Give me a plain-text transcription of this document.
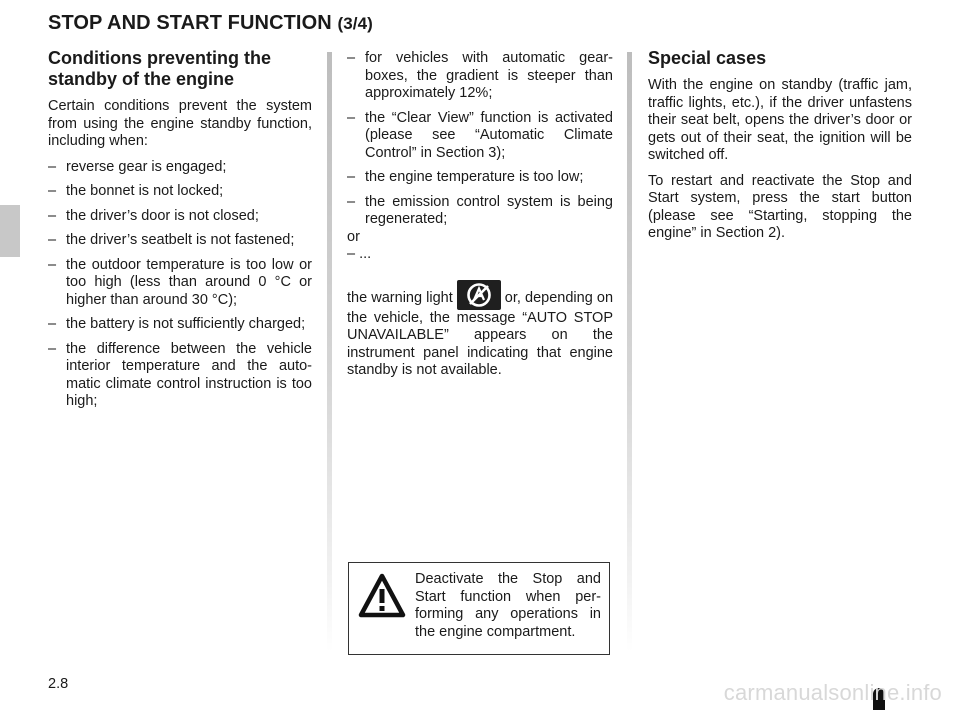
STOP AND START FUNCTION (3/4)
Conditions preventing the standby of the engine

Certain conditions prevent the system from using the engine standby function, including when:

– reverse gear is engaged;
– the bonnet is not locked;
– the driver’s door is not closed;
– the driver’s seatbelt is not fastened;
– the outdoor temperature is too low or too high (less than around 0 °C or higher than around 30 °C);
– the battery is not sufficiently charged;
– the difference between the vehicle interior temperature and the auto-matic climate control instruction is too high;
– for vehicles with automatic gear-boxes, the gradient is steeper than approximately 12%;
– the “Clear View” function is activated (please see “Automatic Climate Control” in Section 3);
– the engine temperature is too low;
– the emission control system is being regenerated;

or

– ...

the warning light	or, depending on the vehicle, the message “AUTO STOP UNAVAILABLE” appears on the instrument panel indicating that engine standby is not available.

Deactivate the Stop and Start function when per-forming any operations in the engine compartment.

Special cases

With the engine on standby (traffic jam, traffic lights, etc.), if the driver unfastens their seat belt, opens the driver’s door or gets out of their seat, the ignition will be switched off.

To restart and reactivate the Stop and Start system, press the start button (please see “Starting, stopping the engine” in Section 2).

2.8	carmanualsonline.info
